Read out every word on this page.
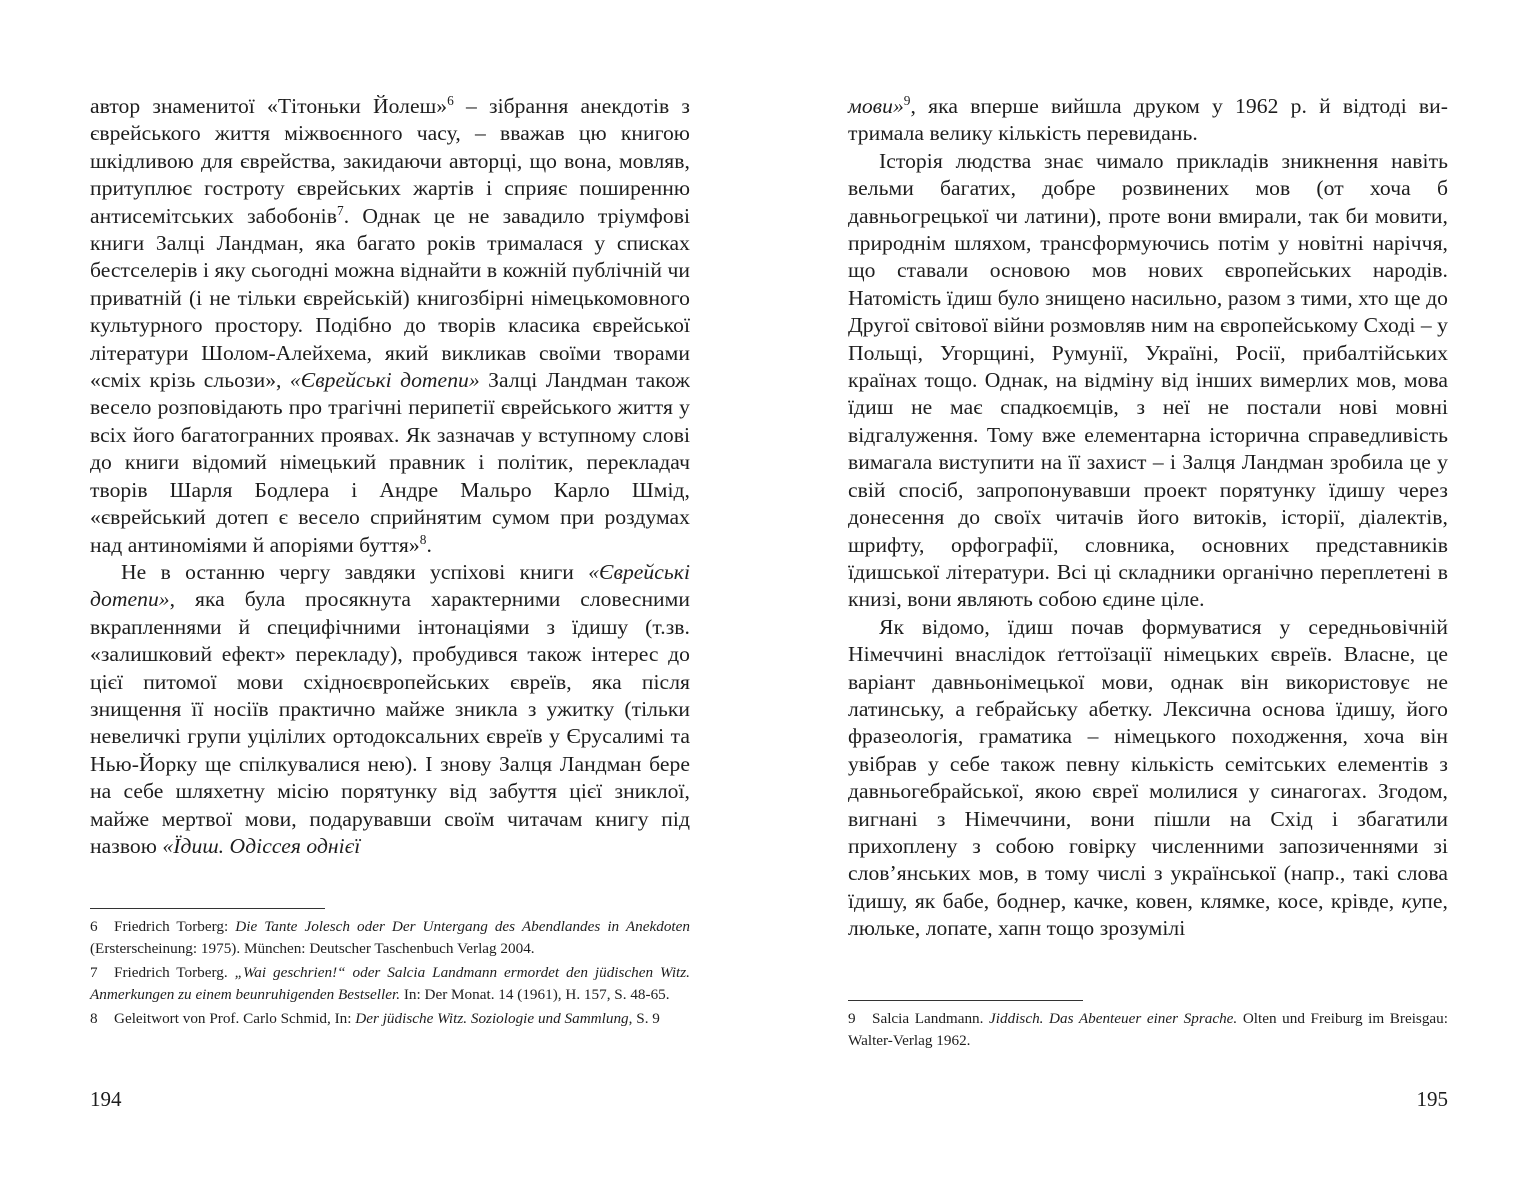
автор знаменитої «Тітоньки Йолеш»$^6$ – зібрання анекдотів з єврейського життя міжвоєнного часу, – вважав цю книгою шкідливою для єврейства, закидаючи авторці, що вона, мовляв, притуплює гостроту єврейських жартів і сприяє поширенню антисемітських забобонів$^7$. Однак це не завадило тріумфові книги Залці Ландман, яка багато років трималася у списках бестселерів і яку сьогодні можна віднайти в кожній публічній чи приватній (і не тільки єврейській) книгозбірні німецькомовного культурного простору. Подібно до творів класика єврейської літератури Шолом-Алейхема, який викликав своїми творами «сміх крізь сльози», «Єврейські дотепи» Залці Ландман також весело розповідають про трагічні перипетії єврейського життя у всіх його багатогранних проявах. Як зазначав у вступному слові до книги відомий німецький правник і політик, перекладач творів Шарля Бодлера і Андре Мальро Карло Шмід, «єврейський дотеп є весело сприйнятим сумом при роздумах над антиноміями й апоріями буття»$^8$.

Не в останню чергу завдяки успіхові книги «Єврейські дотепи», яка була просякнута характерними словесними вкрапленнями й специфічними інтонаціями з їдишу (т.зв. «залишковий ефект» перекладу), пробудився також інтерес до цієї питомої мови східноєвропейських євреїв, яка після знищення її носіїв практично майже зникла з ужитку (тільки невеличкі групи уцілілих ортодоксальних євреїв у Єрусалимі та Нью-Йорку ще спілкувалися нею). І знову Залця Ландман бере на себе шляхетну місію порятунку від забуття цієї зниклої, майже мертвої мови, подарувавши своїм читачам книгу під назвою «Їдиш. Одіссея однієї

6 Friedrich Torberg: Die Tante Jolesch oder Der Untergang des Abendlandes in Anekdoten (Ersterscheinung: 1975). München: Deutscher Taschenbuch Verlag 2004.

7 Friedrich Torberg. „Wai geschrien!“ oder Salcia Landmann ermordet den jüdischen Witz. Anmerkungen zu einem beunruhigenden Bestseller. In: Der Monat. 14 (1961), H. 157, S. 48-65.

8 Geleitwort von Prof. Carlo Schmid, In: Der jüdische Witz. Soziologie und Sammlung, S. 9

194

мови»$^9$, яка вперше вийшла друком у 1962 р. й відтоді витримала велику кількість перевидань.

Історія людства знає чимало прикладів зникнення навіть вельми багатих, добре розвинених мов (от хоча б давньогрецької чи латини), проте вони вмирали, так би мовити, природнім шляхом, трансформуючись потім у новітні наріччя, що ставали основою мов нових європейських народів. Натомість їдиш було знищено насильно, разом з тими, хто ще до Другої світової війни розмовляв ним на європейському Сході – у Польщі, Угорщині, Румунії, Україні, Росії, прибалтійських країнах тощо. Однак, на відміну від інших вимерлих мов, мова їдиш не має спадкоємців, з неї не постали нові мовні відгалуження. Тому вже елементарна історична справедливість вимагала виступити на її захист – і Залця Ландман зробила це у свій спосіб, запропонувавши проект порятунку їдишу через донесення до своїх читачів його витоків, історії, діалектів, шрифту, орфографії, словника, основних представників їдишської літератури. Всі ці складники органічно переплетені в книзі, вони являють собою єдине ціле.

Як відомо, їдиш почав формуватися у середньовічній Німеччині внаслідок ґеттоїзації німецьких євреїв. Власне, це варіант давньонімецької мови, однак він використовує не латинську, а гебрайську абетку. Лексична основа їдишу, його фразеологія, граматика – німецького походження, хоча він увібрав у себе також певну кількість семітських елементів з давньогебрайської, якою євреї молилися у синагогах. Згодом, вигнані з Німеччини, вони пішли на Схід і збагатили прихоплену з собою говірку численними запозиченнями зі слов’янських мов, в тому числі з української (напр., такі слова їдишу, як бабе, боднер, качке, ковен, клямке, косе, крівде, купе, люльке, лопате, хапн тощо зрозумілі

9 Salcia Landmann. Jiddisch. Das Abenteuer einer Sprache. Olten und Freiburg im Breisgau: Walter-Verlag 1962.

195
